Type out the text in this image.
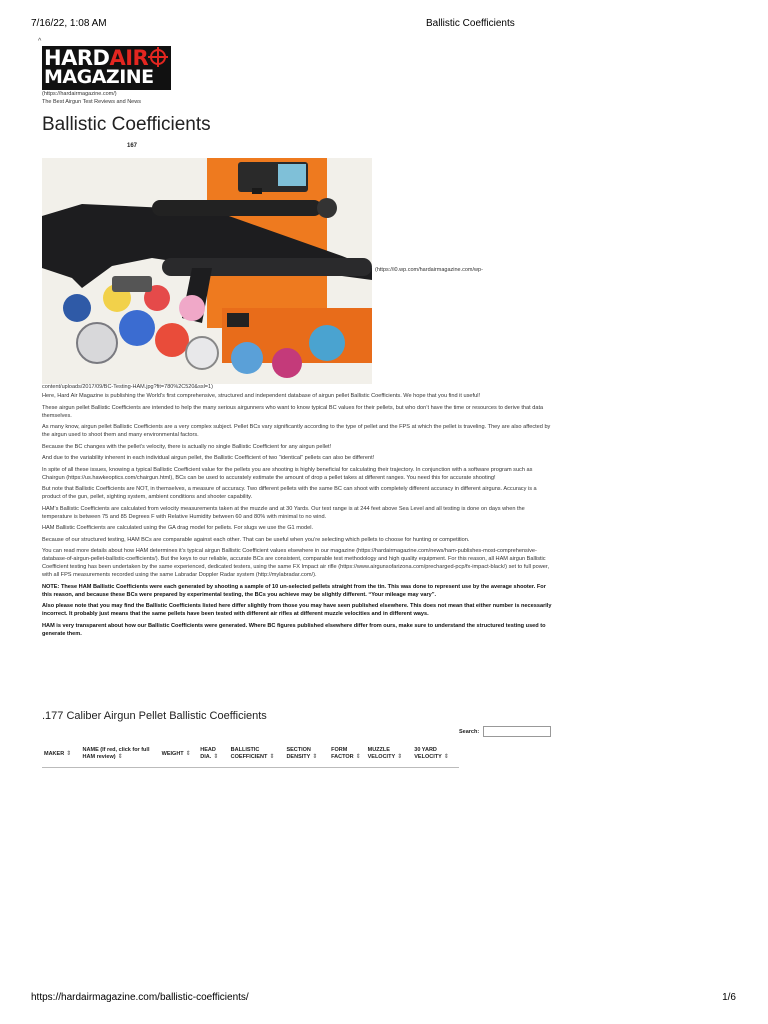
7/16/22, 1:08 AM	Ballistic Coefficients
^
HARDAIR
MAGAZINE
(https://hardairmagazine.com/)
The Best Airgun Test Reviews and News
Ballistic Coefficients
167
(https://i0.wp.com/hardairmagazine.com/wp-
content/uploads/2017/09/BC-Testing-HAM.jpg?fit=780%2C520&ssl=1)

Here, Hard Air Magazine is publishing the World’s first comprehensive, structured and independent database of airgun pellet Ballistic Coefficients. We hope that you find it useful!

These airgun pellet Ballistic Coefficients are intended to help the many serious airgunners who want to know typical BC values for their pellets, but who don’t have the time or resources to derive that data themselves.

As many know, airgun pellet Ballistic Coefficients are a very complex subject. Pellet BCs vary significantly according to the type of pellet and the FPS at which the pellet is traveling. They are also affected by the airgun used to shoot them and many environmental factors.

Because the BC changes with the pellet’s velocity, there is actually no single Ballistic Coefficient for any airgun pellet!

And due to the variability inherent in each individual airgun pellet, the Ballistic Coefficient of two “identical” pellets can also be different!

In spite of all these issues, knowing a typical Ballistic Coefficient value for the pellets you are shooting is highly beneficial for calculating their trajectory. In conjunction with a software program such as Chairgun (https://us.hawkeoptics.com/chairgun.html), BCs can be used to accurately estimate the amount of drop a pellet takes at different ranges. You need this for accurate shooting!

But note that Ballistic Coefficients are NOT, in themselves, a measure of accuracy. Two different pellets with the same BC can shoot with completely different accuracy in different airguns. Accuracy is a product of the gun, pellet, sighting system, ambient conditions and shooter capability.

HAM’s Ballistic Coefficients are calculated from velocity measurements taken at the muzzle and at 30 Yards. Our test range is at 244 feet above Sea Level and all testing is done on days when the temperature is between 75 and 85 Degrees F with Relative Humidity between 60 and 80% with minimal to no wind.

HAM Ballistic Coefficients are calculated using the GA drag model for pellets. For slugs we use the G1 model.

Because of our structured testing, HAM BCs are comparable against each other. That can be useful when you’re selecting which pellets to choose for hunting or competition.

You can read more details about how HAM determines it’s typical airgun Ballistic Coefficient values elsewhere in our magazine (https://hardairmagazine.com/news/ham-publishes-most-comprehensive-database-of-airgun-pellet-ballistic-coefficients/). But the keys to our reliable, accurate BCs are consistent, comparable test methodology and high quality equipment. For this reason, all HAM airgun Ballistic Coefficient testing has been undertaken by the same experienced, dedicated testers, using the same FX Impact air rifle (https://www.airgunsofarizona.com/precharged-pcp/fx-impact-black/) set to full power, with all FPS measurements recorded using the same Labradar Doppler Radar system (http://mylabradar.com/).

NOTE: These HAM Ballistic Coefficients were each generated by shooting a sample of 10 un-selected pellets straight from the tin. This was done to represent use by the average shooter. For this reason, and because these BCs were prepared by experimental testing, the BCs you achieve may be slightly different. “Your mileage may vary”.

Also please note that you may find the Ballistic Coefficients listed here differ slightly from those you may have seen published elsewhere. This does not mean that either number is necessarily incorrect. It probably just means that the same pellets have been tested with different air rifles at different muzzle velocities and in different ways.

HAM is very transparent about how our Ballistic Coefficients were generated. Where BC figures published elsewhere differ from ours, make sure to understand the structured testing used to generate them.

.177 Caliber Airgun Pellet Ballistic Coefficients
Search:
MAKER ⇕	NAME (If red, click for full HAM review) ⇕	WEIGHT ⇕	HEAD DIA. ⇕	BALLISTIC COEFFICIENT ⇕	SECTION DENSITY ⇕	FORM FACTOR ⇕	MUZZLE VELOCITY ⇕	30 YARD VELOCITY ⇕
https://hardairmagazine.com/ballistic-coefficients/	1/6
